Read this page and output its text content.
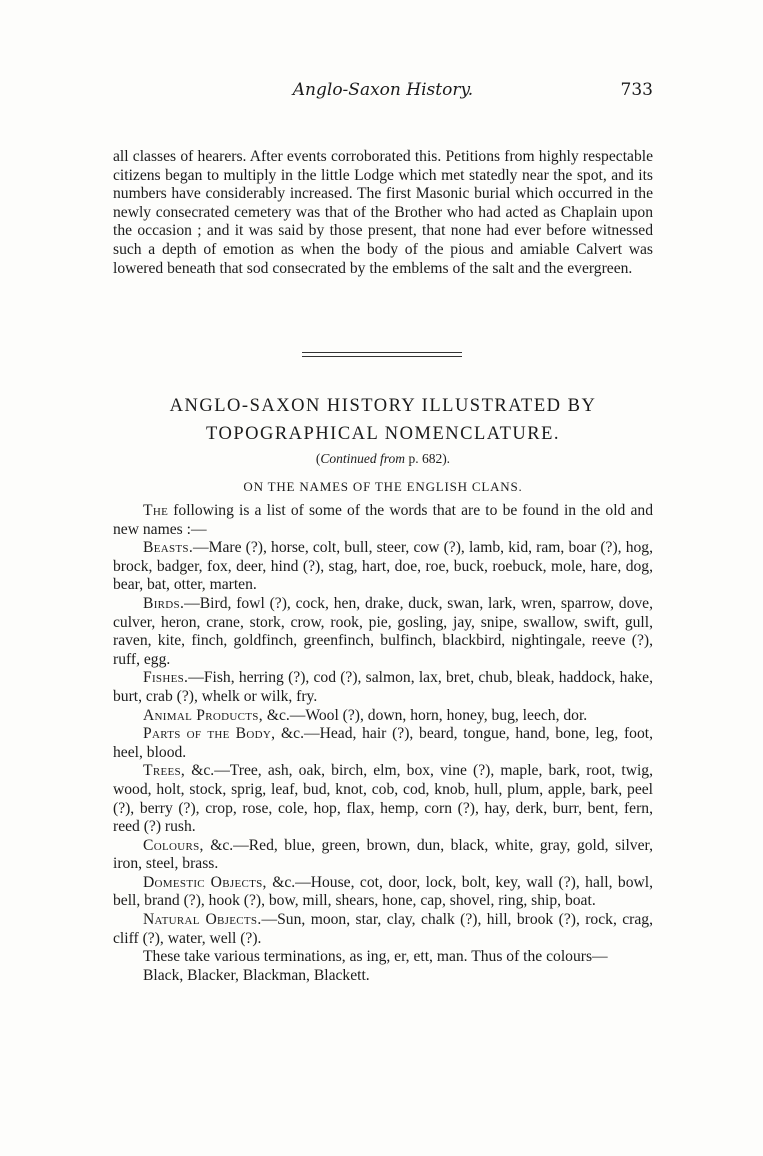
Anglo-Saxon History.	733

all classes of hearers. After events corroborated this. Petitions from highly respectable citizens began to multiply in the little Lodge which met statedly near the spot, and its numbers have considerably increased. The first Masonic burial which occurred in the newly consecrated cemetery was that of the Brother who had acted as Chaplain upon the occasion ; and it was said by those present, that none had ever before witnessed such a depth of emotion as when the body of the pious and amiable Calvert was lowered beneath that sod consecrated by the emblems of the salt and the evergreen.

ANGLO-SAXON HISTORY ILLUSTRATED BY
TOPOGRAPHICAL NOMENCLATURE.
(Continued from p. 682).
ON THE NAMES OF THE ENGLISH CLANS.

The following is a list of some of the words that are to be found in the old and new names :—

Beasts.—Mare (?), horse, colt, bull, steer, cow (?), lamb, kid, ram, boar (?), hog, brock, badger, fox, deer, hind (?), stag, hart, doe, roe, buck, roebuck, mole, hare, dog, bear, bat, otter, marten.

Birds.—Bird, fowl (?), cock, hen, drake, duck, swan, lark, wren, sparrow, dove, culver, heron, crane, stork, crow, rook, pie, gosling, jay, snipe, swallow, swift, gull, raven, kite, finch, goldfinch, greenfinch, bulfinch, blackbird, nightingale, reeve (?), ruff, egg.

Fishes.—Fish, herring (?), cod (?), salmon, lax, bret, chub, bleak, haddock, hake, burt, crab (?), whelk or wilk, fry.

Animal Products, &c.—Wool (?), down, horn, honey, bug, leech, dor.

Parts of the Body, &c.—Head, hair (?), beard, tongue, hand, bone, leg, foot, heel, blood.

Trees, &c.—Tree, ash, oak, birch, elm, box, vine (?), maple, bark, root, twig, wood, holt, stock, sprig, leaf, bud, knot, cob, cod, knob, hull, plum, apple, bark, peel (?), berry (?), crop, rose, cole, hop, flax, hemp, corn (?), hay, derk, burr, bent, fern, reed (?) rush.

Colours, &c.—Red, blue, green, brown, dun, black, white, gray, gold, silver, iron, steel, brass.

Domestic Objects, &c.—House, cot, door, lock, bolt, key, wall (?), hall, bowl, bell, brand (?), hook (?), bow, mill, shears, hone, cap, shovel, ring, ship, boat.

Natural Objects.—Sun, moon, star, clay, chalk (?), hill, brook (?), rock, crag, cliff (?), water, well (?).

These take various terminations, as ing, er, ett, man. Thus of the colours—

Black, Blacker, Blackman, Blackett.
